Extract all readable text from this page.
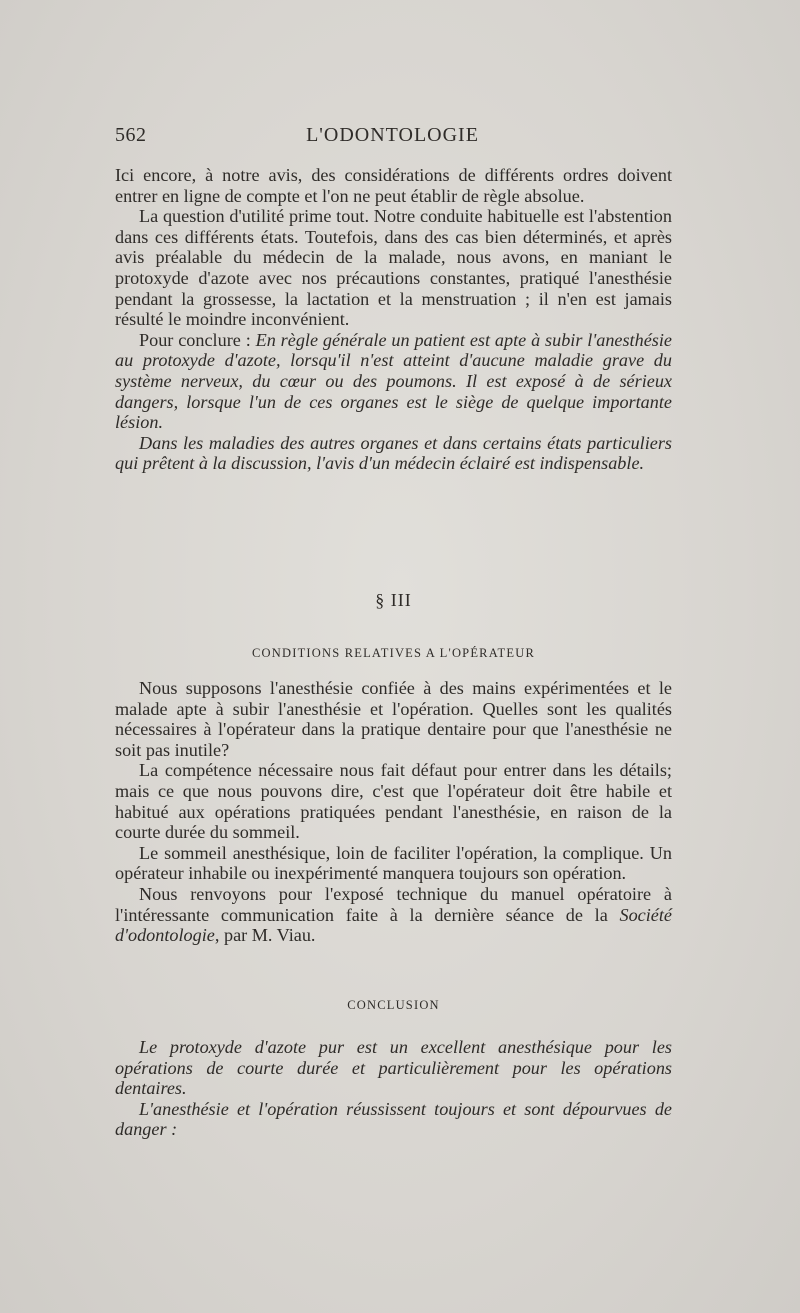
562	L'ODONTOLOGIE

Ici encore, à notre avis, des considérations de différents ordres doivent entrer en ligne de compte et l'on ne peut établir de règle absolue.

La question d'utilité prime tout. Notre conduite habituelle est l'abstention dans ces différents états. Toutefois, dans des cas bien déterminés, et après avis préalable du médecin de la malade, nous avons, en maniant le protoxyde d'azote avec nos précautions constantes, pratiqué l'anesthésie pendant la grossesse, la lactation et la menstruation ; il n'en est jamais résulté le moindre inconvénient.

Pour conclure : En règle générale un patient est apte à subir l'anesthésie au protoxyde d'azote, lorsqu'il n'est atteint d'aucune maladie grave du système nerveux, du cœur ou des poumons. Il est exposé à de sérieux dangers, lorsque l'un de ces organes est le siège de quelque importante lésion.

Dans les maladies des autres organes et dans certains états particuliers qui prêtent à la discussion, l'avis d'un médecin éclairé est indispensable.

§ III
CONDITIONS RELATIVES A L'OPÉRATEUR

Nous supposons l'anesthésie confiée à des mains expérimentées et le malade apte à subir l'anesthésie et l'opération. Quelles sont les qualités nécessaires à l'opérateur dans la pratique dentaire pour que l'anesthésie ne soit pas inutile?

La compétence nécessaire nous fait défaut pour entrer dans les détails; mais ce que nous pouvons dire, c'est que l'opérateur doit être habile et habitué aux opérations pratiquées pendant l'anesthésie, en raison de la courte durée du sommeil.

Le sommeil anesthésique, loin de faciliter l'opération, la complique. Un opérateur inhabile ou inexpérimenté manquera toujours son opération.

Nous renvoyons pour l'exposé technique du manuel opératoire à l'intéressante communication faite à la dernière séance de la Société d'odontologie, par M. Viau.

CONCLUSION

Le protoxyde d'azote pur est un excellent anesthésique pour les opérations de courte durée et particulièrement pour les opérations dentaires.

L'anesthésie et l'opération réussissent toujours et sont dépourvues de danger :
